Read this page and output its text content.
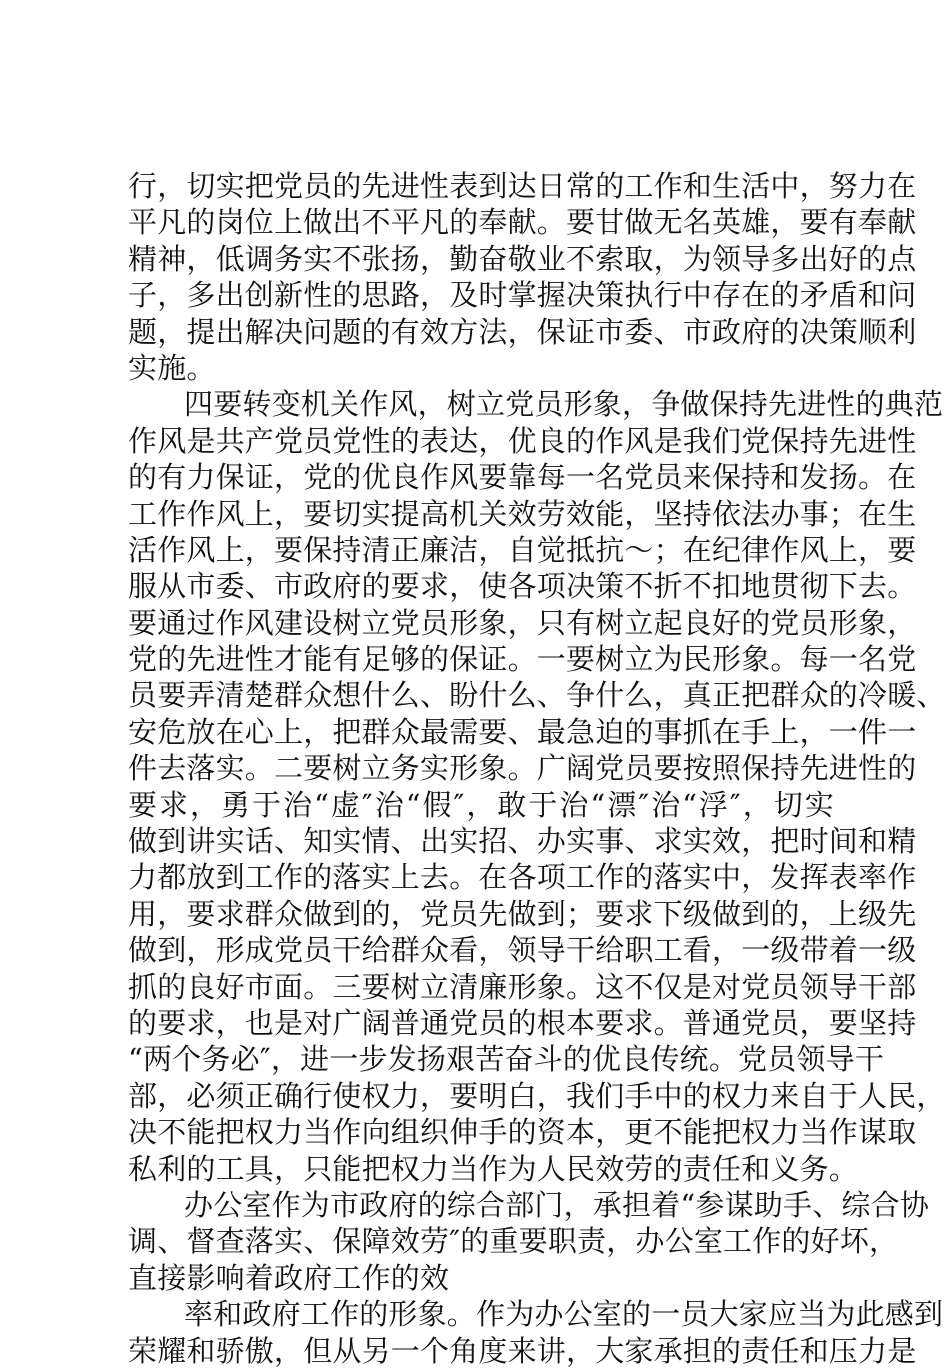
行，切实把党员的先进性表到达日常的工作和生活中，努力在
平凡的岗位上做出不平凡的奉献。要甘做无名英雄，要有奉献
精神，低调务实不张扬，勤奋敬业不索取，为领导多出好的点
子，多出创新性的思路，及时掌握决策执行中存在的矛盾和问
题，提出解决问题的有效方法，保证市委、市政府的决策顺利
实施。
四要转变机关作风，树立党员形象，争做保持先进性的典范
作风是共产党员党性的表达，优良的作风是我们党保持先进性
的有力保证，党的优良作风要靠每一名党员来保持和发扬。在
工作作风上，要切实提高机关效劳效能，坚持依法办事；在生
活作风上，要保持清正廉洁，自觉抵抗～；在纪律作风上，要
服从市委、市政府的要求，使各项决策不折不扣地贯彻下去。
要通过作风建设树立党员形象，只有树立起良好的党员形象，
党的先进性才能有足够的保证。一要树立为民形象。每一名党
员要弄清楚群众想什么、盼什么、争什么，真正把群众的冷暖、
安危放在心上，把群众最需要、最急迫的事抓在手上，一件一
件去落实。二要树立务实形象。广阔党员要按照保持先进性的
要求，勇于治“虚″治“假″，敢于治“漂″治“浮″，切实
做到讲实话、知实情、出实招、办实事、求实效，把时间和精
力都放到工作的落实上去。在各项工作的落实中，发挥表率作
用，要求群众做到的，党员先做到；要求下级做到的，上级先
做到，形成党员干给群众看，领导干给职工看，一级带着一级
抓的良好市面。三要树立清廉形象。这不仅是对党员领导干部
的要求，也是对广阔普通党员的根本要求。普通党员，要坚持
“两个务必″，进一步发扬艰苦奋斗的优良传统。党员领导干
部，必须正确行使权力，要明白，我们手中的权力来自于人民，
决不能把权力当作向组织伸手的资本，更不能把权力当作谋取
私利的工具，只能把权力当作为人民效劳的责任和义务。
办公室作为市政府的综合部门，承担着“参谋助手、综合协
调、督查落实、保障效劳″的重要职责，办公室工作的好坏，
直接影响着政府工作的效
率和政府工作的形象。作为办公室的一员大家应当为此感到
荣耀和骄傲，但从另一个角度来讲，大家承担的责任和压力是
